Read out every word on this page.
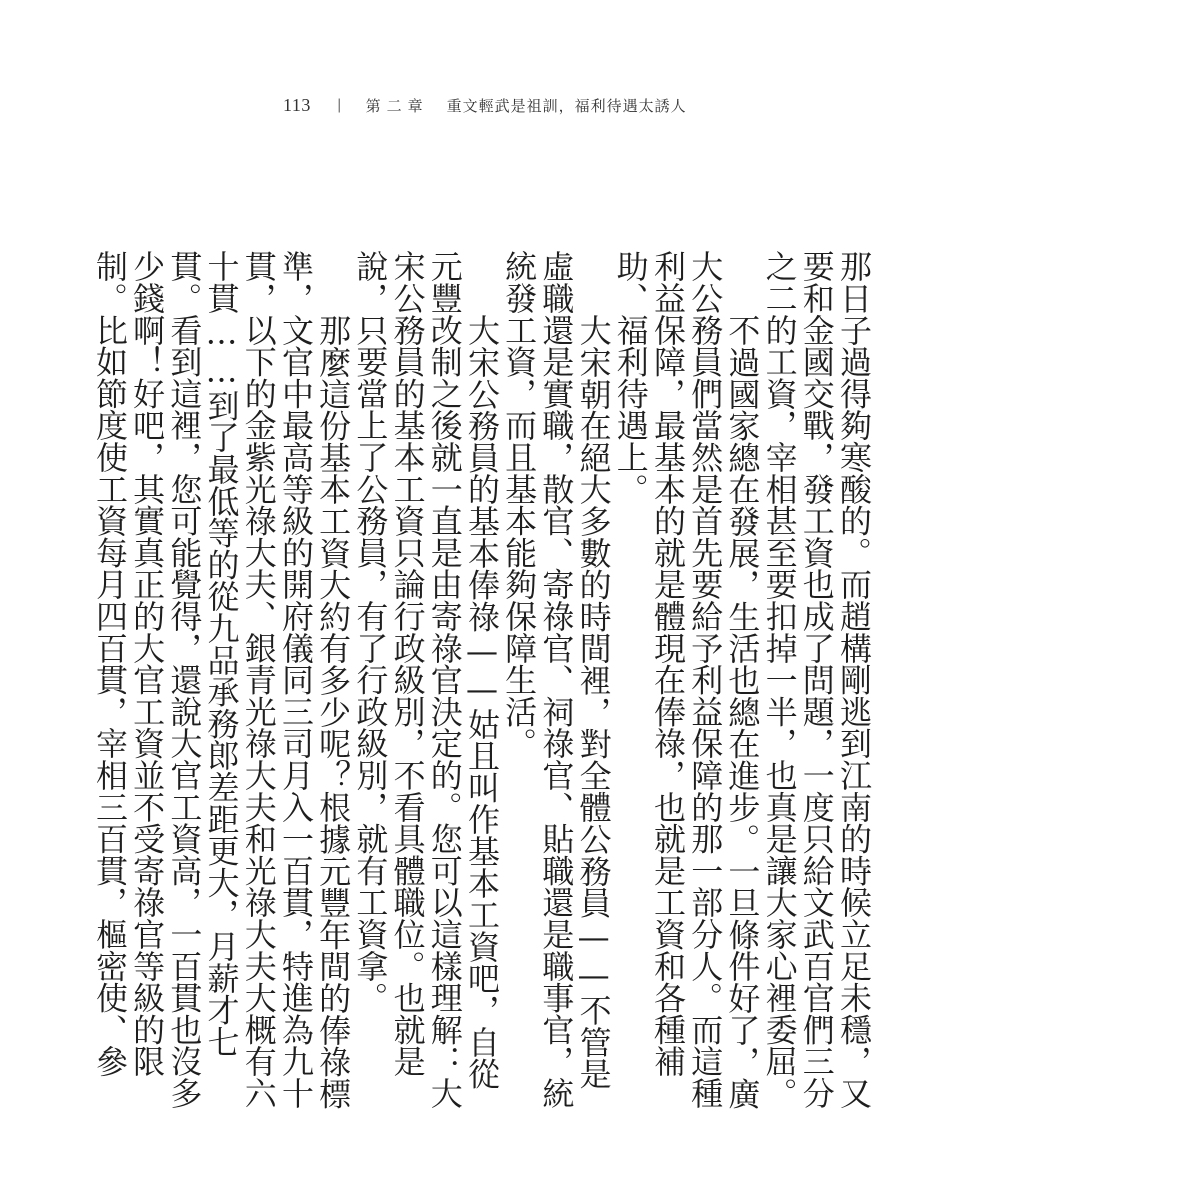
113 | 第二章 重文輕武是祖訓，福利待遇太誘人

那日子過得夠寒酸的。而趙構剛逃到江南的時候立足未穩，又要和金國交戰，發工資也成了問題，一度只給文武百官們三分之二的工資，宰相甚至要扣掉一半，也真是讓大家心裡委屈。

不過國家總在發展，生活也總在進步。一旦條件好了，廣大公務員們當然是首先要給予利益保障的那一部分人。而這種利益保障，最基本的就是體現在俸祿，也就是工資和各種補助、福利待遇上。

大宋朝在絕大多數的時間裡，對全體公務員——不管是虛職還是實職，散官、寄祿官、祠祿官、貼職還是職事官，統統發工資，而且基本能夠保障生活。

大宋公務員的基本俸祿——姑且叫作基本工資吧，自從元豐改制之後就一直是由寄祿官決定的。您可以這樣理解：大宋公務員的基本工資只論行政級別，不看具體職位。也就是說，只要當上了公務員，有了行政級別，就有工資拿。

那麼這份基本工資大約有多少呢？根據元豐年間的俸祿標準，文官中最高等級的開府儀同三司月入一百貫，特進為九十貫，以下的金紫光祿大夫、銀青光祿大夫和光祿大夫大概有六十貫……到了最低等的從九品承務郎差距更大，月薪才七貫。看到這裡，您可能覺得，還說大官工資高，一百貫也沒多少錢啊！好吧，其實真正的大官工資並不受寄祿官等級的限制。比如節度使工資每月四百貫，宰相三百貫，樞密使、參
